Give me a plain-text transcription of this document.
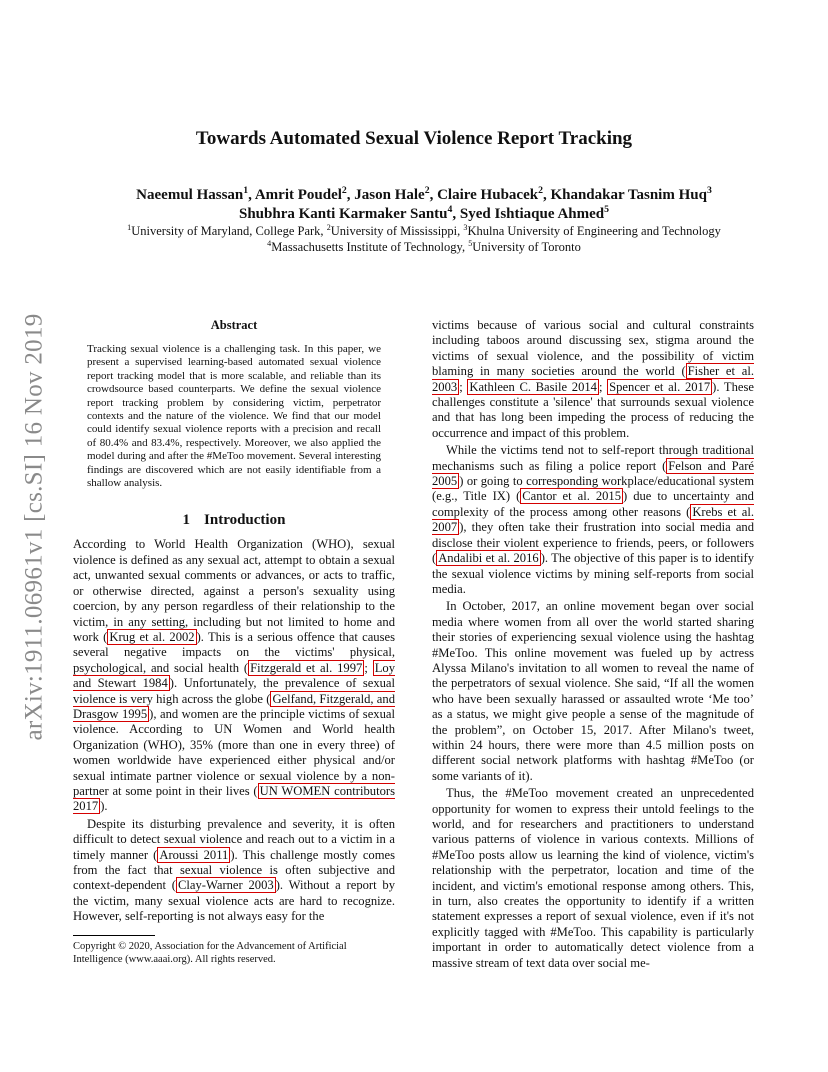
arXiv:1911.06961v1 [cs.SI] 16 Nov 2019
Towards Automated Sexual Violence Report Tracking
Naeemul Hassan$^1$, Amrit Poudel$^2$, Jason Hale$^2$, Claire Hubacek$^2$, Khandakar Tasnim Huq$^3$
Shubhra Kanti Karmaker Santu$^4$, Syed Ishtiaque Ahmed$^5$
$^1$University of Maryland, College Park, $^2$University of Mississippi, $^3$Khulna University of Engineering and Technology
$^4$Massachusetts Institute of Technology, $^5$University of Toronto
Abstract
Tracking sexual violence is a challenging task. In this paper, we present a supervised learning-based automated sexual violence report tracking model that is more scalable, and reliable than its crowdsource based counterparts. We define the sexual violence report tracking problem by considering victim, perpetrator contexts and the nature of the violence. We find that our model could identify sexual violence reports with a precision and recall of 80.4% and 83.4%, respectively. Moreover, we also applied the model during and after the #MeToo movement. Several interesting findings are discovered which are not easily identifiable from a shallow analysis.
1 Introduction

According to World Health Organization (WHO), sexual violence is defined as any sexual act, attempt to obtain a sexual act, unwanted sexual comments or advances, or acts to traffic, or otherwise directed, against a person's sexuality using coercion, by any person regardless of their relationship to the victim, in any setting, including but not limited to home and work ( Krug et al. 2002 ). This is a serious offence that causes several negative impacts on the victims' physical, psychological, and social health ( Fitzgerald et al. 1997 ; Loy and Stewart 1984 ). Unfortunately, the prevalence of sexual violence is very high across the globe ( Gelfand, Fitzgerald, and Drasgow 1995 ), and women are the principle victims of sexual violence. According to UN Women and World health Organization (WHO), 35% (more than one in every three) of women worldwide have experienced either physical and/or sexual intimate partner violence or sexual violence by a non-partner at some point in their lives ( UN WOMEN contributors 2017 ).

Despite its disturbing prevalence and severity, it is often difficult to detect sexual violence and reach out to a victim in a timely manner ( Aroussi 2011 ). This challenge mostly comes from the fact that sexual violence is often subjective and context-dependent ( Clay-Warner 2003 ). Without a report by the victim, many sexual violence acts are hard to recognize. However, self-reporting is not always easy for the

Copyright © 2020, Association for the Advancement of Artificial Intelligence (www.aaai.org). All rights reserved.

victims because of various social and cultural constraints including taboos around discussing sex, stigma around the victims of sexual violence, and the possibility of victim blaming in many societies around the world ( Fisher et al. 2003 ; Kathleen C. Basile 2014 ; Spencer et al. 2017 ). These challenges constitute a 'silence' that surrounds sexual violence and that has long been impeding the process of reducing the occurrence and impact of this problem.

While the victims tend not to self-report through traditional mechanisms such as filing a police report ( Felson and Paré 2005 ) or going to corresponding workplace/educational system (e.g., Title IX) ( Cantor et al. 2015 ) due to uncertainty and complexity of the process among other reasons ( Krebs et al. 2007 ), they often take their frustration into social media and disclose their violent experience to friends, peers, or followers ( Andalibi et al. 2016 ). The objective of this paper is to identify the sexual violence victims by mining self-reports from social media.

In October, 2017, an online movement began over social media where women from all over the world started sharing their stories of experiencing sexual violence using the hashtag #MeToo. This online movement was fueled up by actress Alyssa Milano's invitation to all women to reveal the name of the perpetrators of sexual violence. She said, “If all the women who have been sexually harassed or assaulted wrote ‘Me too’ as a status, we might give people a sense of the magnitude of the problem”, on October 15, 2017. After Milano's tweet, within 24 hours, there were more than 4.5 million posts on different social network platforms with hashtag #MeToo (or some variants of it).

Thus, the #MeToo movement created an unprecedented opportunity for women to express their untold feelings to the world, and for researchers and practitioners to understand various patterns of violence in various contexts. Millions of #MeToo posts allow us learning the kind of violence, victim's relationship with the perpetrator, location and time of the incident, and victim's emotional response among others. This, in turn, also creates the opportunity to identify if a written statement expresses a report of sexual violence, even if it's not explicitly tagged with #MeToo. This capability is particularly important in order to automatically detect violence from a massive stream of text data over social me-
